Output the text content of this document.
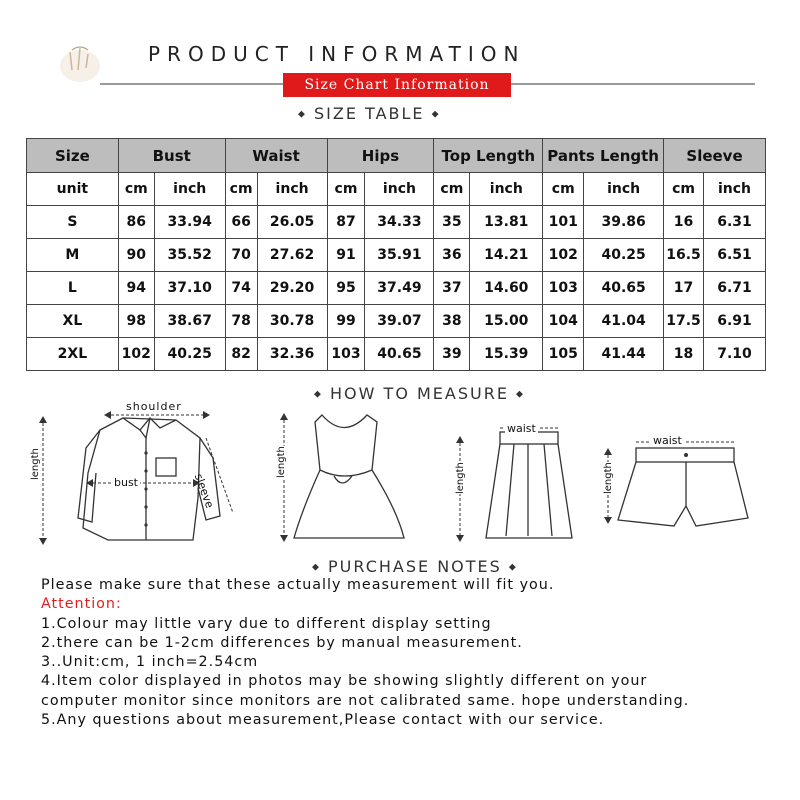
PRODUCT INFORMATION
Size Chart Information
◆ SIZE TABLE ◆
Size	Bust		Waist		Hips		Top Length		Pants Length		Sleeve	
unit	cm	inch	cm	inch	cm	inch	cm	inch	cm	inch	cm	inch
S	86	33.94	66	26.05	87	34.33	35	13.81	101	39.86	16	6.31
M	90	35.52	70	27.62	91	35.91	36	14.21	102	40.25	16.5	6.51
L	94	37.10	74	29.20	95	37.49	37	14.60	103	40.65	17	6.71
XL	98	38.67	78	30.78	99	39.07	38	15.00	104	41.04	17.5	6.91
2XL	102	40.25	82	32.36	103	40.65	39	15.39	105	41.44	18	7.10
◆ HOW TO MEASURE ◆
shoulder
bust	sleeve
length	length
waist
length
waist
length
◆ PURCHASE NOTES ◆
Please make sure that these actually measurement will fit you.
Attention:
1.Colour may little vary due to different display setting
2.there can be 1-2cm differences by manual measurement.
3..Unit:cm, 1 inch=2.54cm
4.Item color displayed in photos may be showing slightly different on your
computer monitor since monitors are not calibrated same. hope understanding.
5.Any questions about measurement,Please contact with our service.
